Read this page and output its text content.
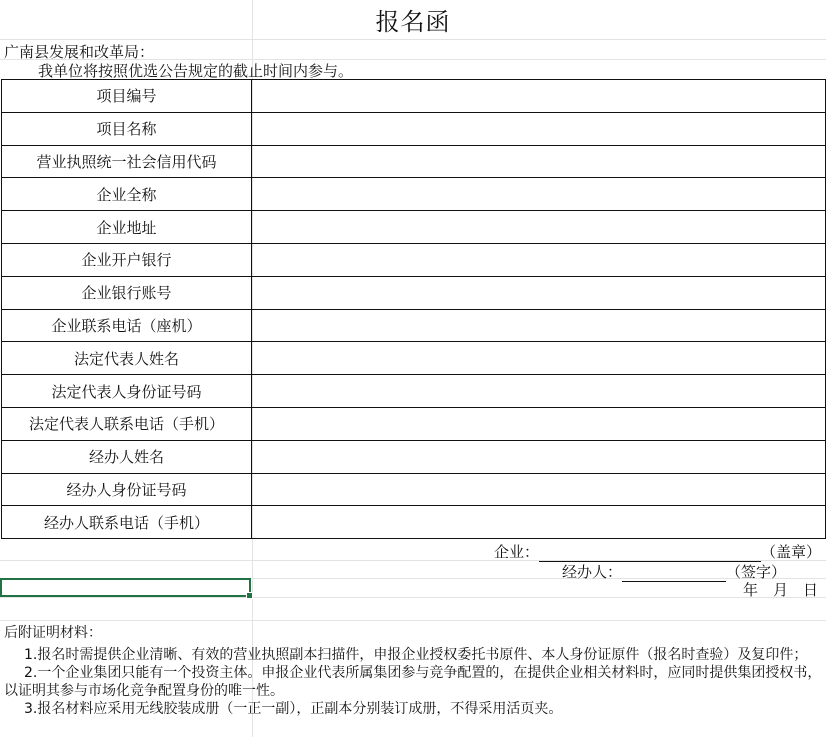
报名函
广南县发展和改革局：
我单位将按照优选公告规定的截止时间内参与。
项目编号	
项目名称	
营业执照统一社会信用代码	
企业全称	
企业地址	
企业开户银行	
企业银行账号	
企业联系电话（座机）	
法定代表人姓名	
法定代表人身份证号码	
法定代表人联系电话（手机）	
经办人姓名	
经办人身份证号码	
经办人联系电话（手机）	
企业：	（盖章）
经办人：	（签字）
年　月　日
后附证明材料：
1.报名时需提供企业清晰、有效的营业执照副本扫描件，申报企业授权委托书原件、本人身份证原件（报名时查验）及复印件；
2.一个企业集团只能有一个投资主体。申报企业代表所属集团参与竞争配置的，在提供企业相关材料时，应同时提供集团授权书，以证明其参与市场化竞争配置身份的唯一性。
3.报名材料应采用无线胶装成册（一正一副），正副本分别装订成册，不得采用活页夹。
